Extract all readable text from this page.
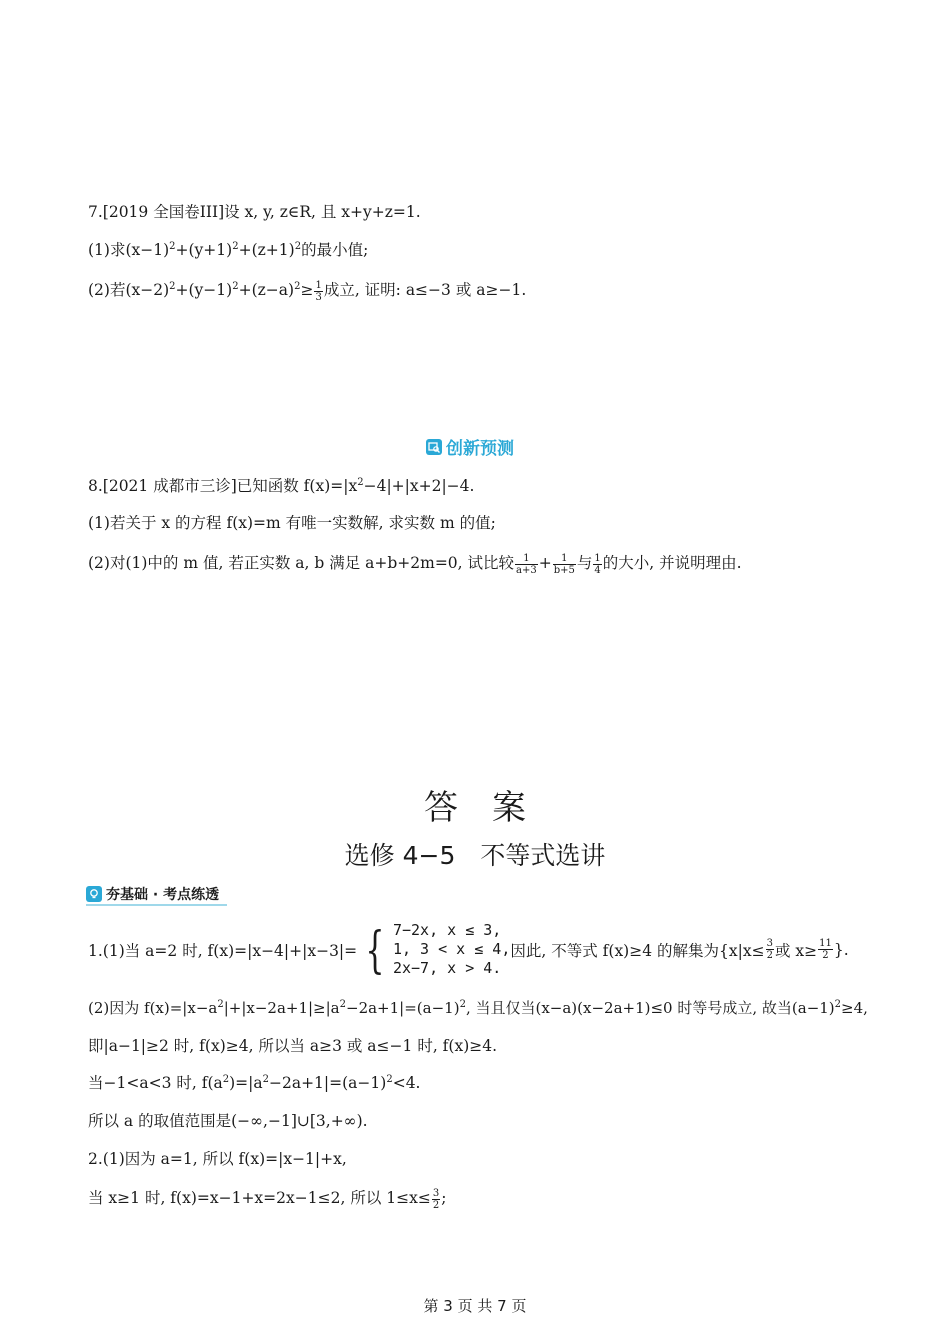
7.[2019 全国卷III]设 x, y, z∈R, 且 x+y+z=1.
(1)求$(x-1)^2+(y+1)^2+(z+1)^2$的最小值;
(2)若$(x-2)^2+(y-1)^2+(z-a)^2\ge \frac{1}{3}$ 成立, 证明: a≤−3 或 a≥−1.
创新预测
8.[2021 成都市三诊]已知函数 $f(x)=|x^2-4|+|x+2|-4$.
(1)若关于 x 的方程 f(x)=m 有唯一实数解, 求实数 m 的值;
(2)对(1)中的 m 值, 若正实数 a, b 满足 a+b+2m=0, 试比较 $\frac{1}{a+3} + \frac{1}{b+5}$ 与 $\frac{1}{4}$ 的大小, 并说明理由.
答　案
选修 4−5　不等式选讲
夯基础 · 考点练透
1.(1)当 a=2 时, f(x)=|x−4|+|x−3|= { 7−2x, x ≤ 3,
1, 3 < x ≤ 4,
2x−7, x > 4.
因此, 不等式 f(x)≥4 的解集为{$x|x\le \frac{3}{2}$ 或 $x\ge \frac{11}{2}$ }.
(2)因为 $f(x)=|x-a^2|+|x-2a+1|\ge|a^2-2a+1|=(a-1)^2$, 当且仅当(x−a)(x−2a+1)≤0 时等号成立, 故当$(a-1)^2\ge 4$,
即|a−1|≥2 时, f(x)≥4, 所以当 a≥3 或 a≤−1 时, f(x)≥4.
当−1<a<3 时, $f(a^2)=|a^2-2a+1|=(a-1)^2<4$.
所以 a 的取值范围是(−∞,−1]∪[3,+∞).
2.(1)因为 a=1, 所以 f(x)=|x−1|+x,
当 x≥1 时, f(x)=x−1+x=2x−1≤2, 所以 $1\le x\le \frac{3}{2}$ ;
第 3 页 共 7 页
